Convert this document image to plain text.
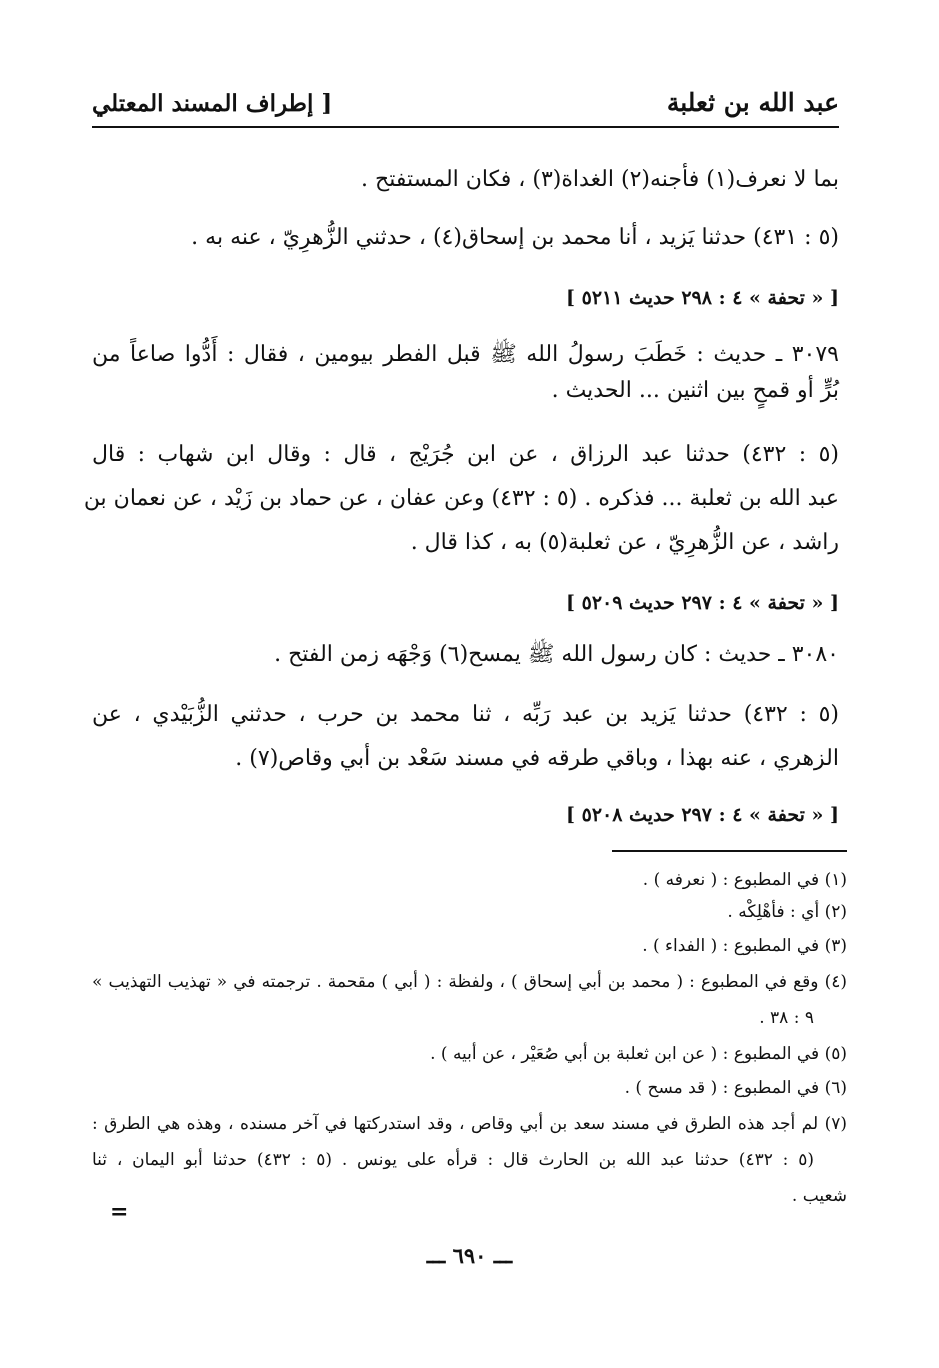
عبد الله بن ثعلبة
[ إطراف المسند المعتلي
بما لا نعرف(١) فأجنه(٢) الغداة(٣) ، فكان المستفتح .
(٥ : ٤٣١) حدثنا يَزيد ، أنا محمد بن إسحاق(٤) ، حدثني الزُّهرِيّ ، عنه به .
[ « تحفة » ٤ : ٢٩٨ حديث ٥٢١١ ]
٣٠٧٩ ـ حديث : خَطَبَ رسولُ الله ﷺ قبل الفطر بيومين ، فقال : أَدُّوا صاعاً من
بُرٍّ أو قمحٍ بين اثنين ... الحديث .
(٥ : ٤٣٢) حدثنا عبد الرزاق ، عن ابن جُرَيْج ، قال : وقال ابن شهاب : قال
عبد الله بن ثعلبة ... فذكره . (٥ : ٤٣٢) وعن عفان ، عن حماد بن زَيْد ، عن نعمان بن
راشد ، عن الزُّهرِيّ ، عن ثعلبة(٥) به ، كذا قال .
[ « تحفة » ٤ : ٢٩٧ حديث ٥٢٠٩ ]
٣٠٨٠ ـ حديث : كان رسول الله ﷺ يمسح(٦) وَجْهَه زمن الفتح .
(٥ : ٤٣٢) حدثنا يَزيد بن عبد رَبِّه ، ثنا محمد بن حرب ، حدثني الزُّبَيْدي ، عن
الزهري ، عنه بهذا ، وباقي طرقه في مسند سَعْد بن أبي وقاص(٧) .
[ « تحفة » ٤ : ٢٩٧ حديث ٥٢٠٨ ]
(١) في المطبوع : ( نعرفه ) .
(٢) أي : فأهْلِكْه .
(٣) في المطبوع : ( الفداء ) .
(٤) وقع في المطبوع : ( محمد بن أبي إسحاق ) ، ولفظة : ( أبي ) مقحمة . ترجمته في « تهذيب التهذيب »
٩ : ٣٨ .
(٥) في المطبوع : ( عن ابن ثعلبة بن أبي صُعَيْر ، عن أبيه ) .
(٦) في المطبوع : ( قد مسح ) .
(٧) لم أجد هذه الطرق في مسند سعد بن أبي وقاص ، وقد استدركتها في آخر مسنده ، وهذه هي الطرق :
(٥ : ٤٣٢) حدثنا عبد الله بن الحارث قال : قرأه على يونس . (٥ : ٤٣٢) حدثنا أبو اليمان ، ثنا
شعيب .
=
ـــ ٦٩٠ ـــ
